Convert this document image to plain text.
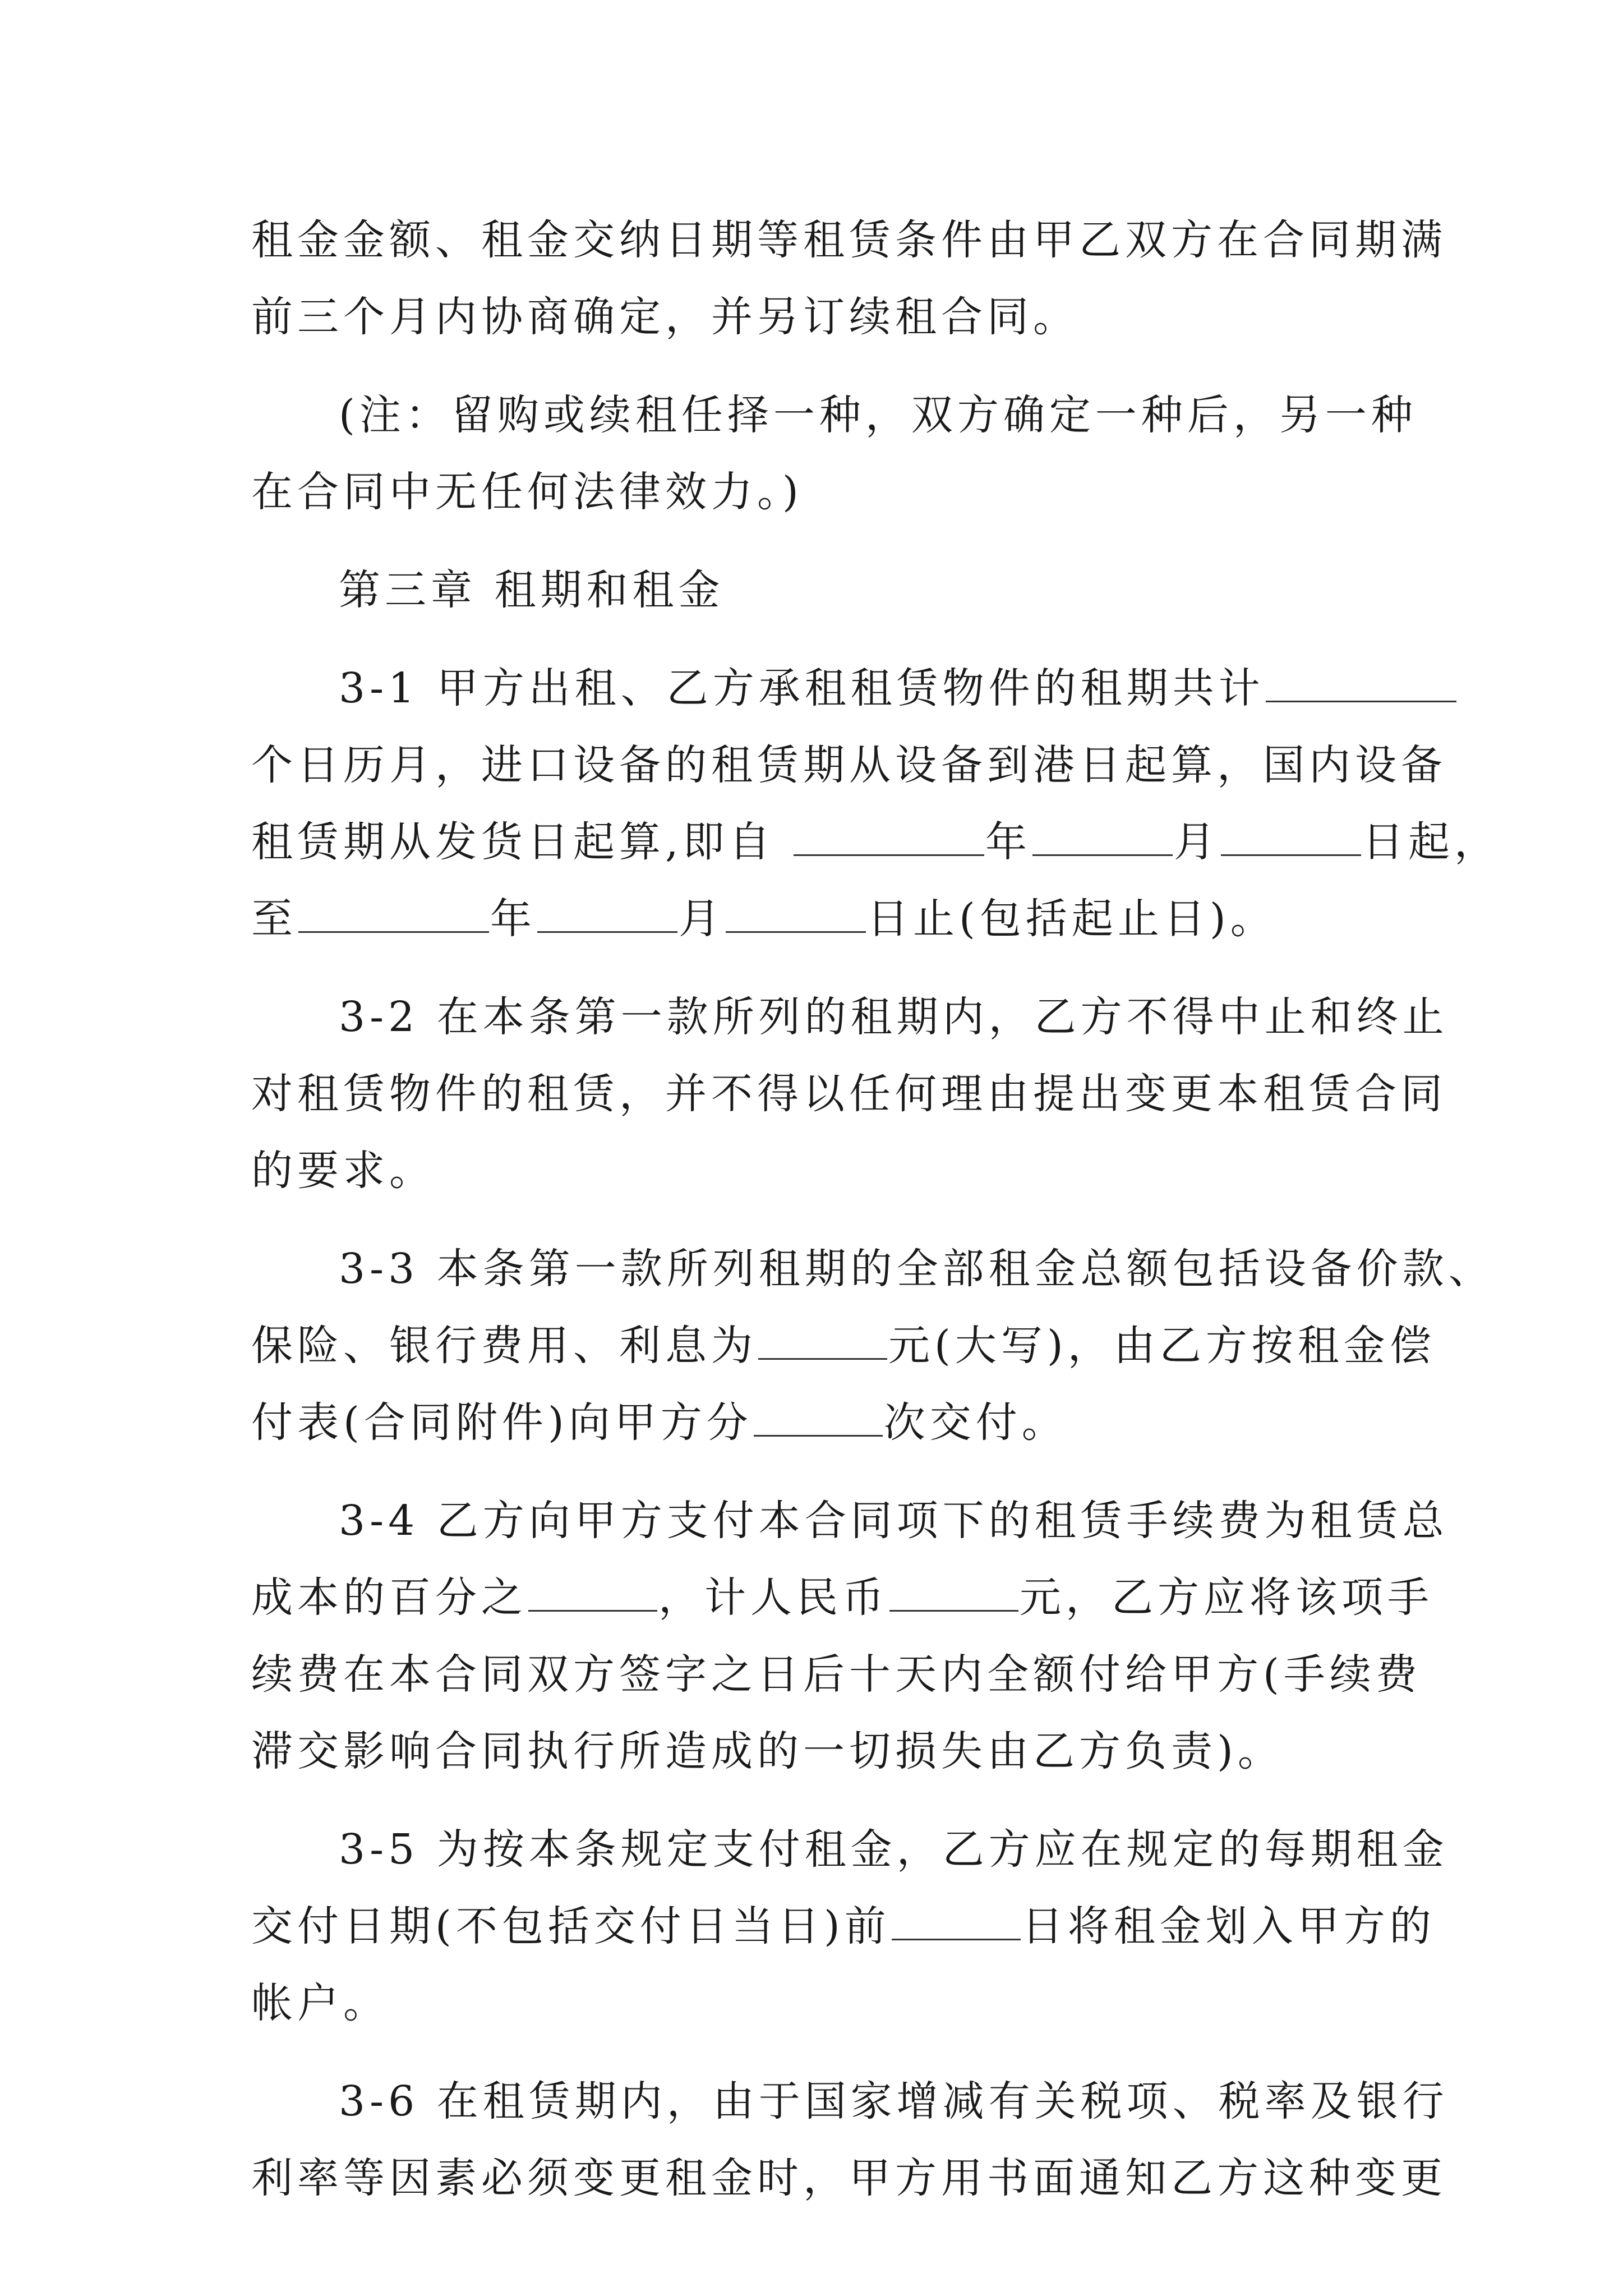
租金金额、租金交纳日期等租赁条件由甲乙双方在合同期满
前三个月内协商确定，并另订续租合同。
(注：留购或续租任择一种，双方确定一种后，另一种
在合同中无任何法律效力。)
第三章 租期和租金
3-1 甲方出租、乙方承租租赁物件的租期共计
个日历月，进口设备的租赁期从设备到港日起算，国内设备
租赁期从发货日起算,即自	年	月	日起，
至	年	月	日止(包括起止日)。
3-2 在本条第一款所列的租期内，乙方不得中止和终止
对租赁物件的租赁，并不得以任何理由提出变更本租赁合同
的要求。
3-3 本条第一款所列租期的全部租金总额包括设备价款、
保险、银行费用、利息为	元(大写)，由乙方按租金偿
付表(合同附件)向甲方分	次交付。
3-4 乙方向甲方支付本合同项下的租赁手续费为租赁总
成本的百分之	，计人民币	元，乙方应将该项手
续费在本合同双方签字之日后十天内全额付给甲方(手续费
滞交影响合同执行所造成的一切损失由乙方负责)。
3-5 为按本条规定支付租金，乙方应在规定的每期租金
交付日期(不包括交付日当日)前	日将租金划入甲方的
帐户。
3-6 在租赁期内，由于国家增减有关税项、税率及银行
利率等因素必须变更租金时，甲方用书面通知乙方这种变更
